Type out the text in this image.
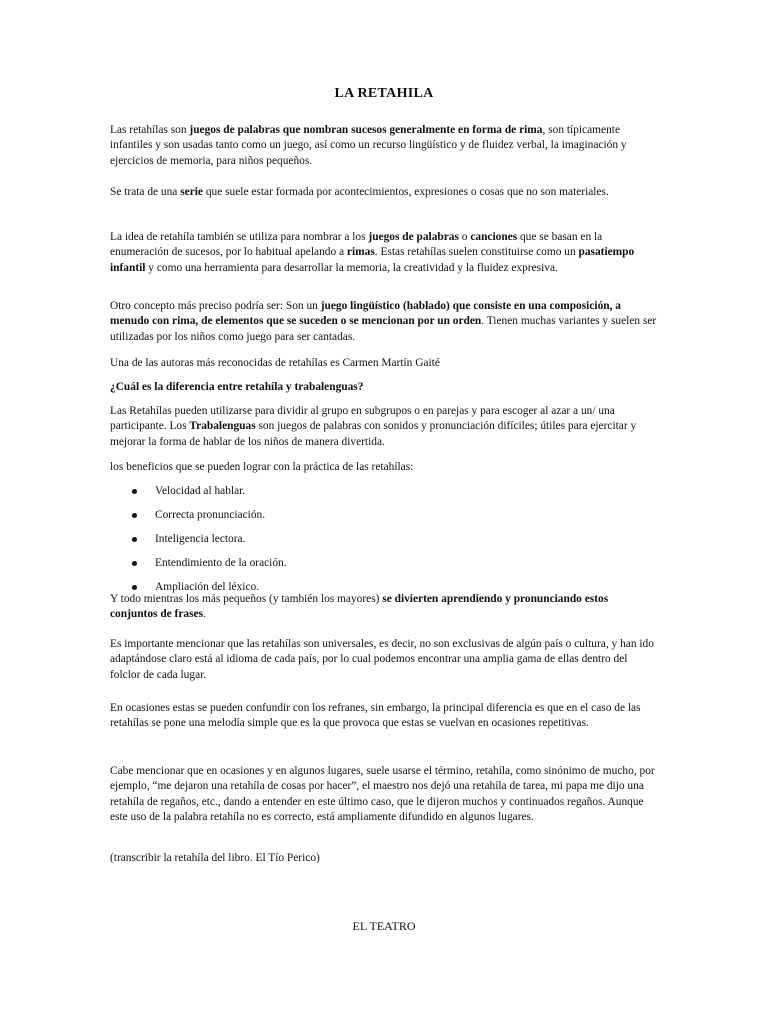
LA RETAHILA

Las retahílas son juegos de palabras que nombran sucesos generalmente en forma de rima, son típicamente infantiles y son usadas tanto como un juego, así como un recurso lingüístico y de fluidez verbal, la imaginación y ejercicios de memoria, para niños pequeños.

Se trata de una serie que suele estar formada por acontecimientos, expresiones o cosas que no son materiales.

La idea de retahíla también se utiliza para nombrar a los juegos de palabras o canciones que se basan en la enumeración de sucesos, por lo habitual apelando a rimas. Estas retahílas suelen constituirse como un pasatiempo infantil y como una herramienta para desarrollar la memoria, la creatividad y la fluidez expresiva.

Otro concepto más preciso podría ser: Son un juego lingüístico (hablado) que consiste en una composición, a menudo con rima, de elementos que se suceden o se mencionan por un orden. Tienen muchas variantes y suelen ser utilizadas por los niños como juego para ser cantadas.

Una de las autoras más reconocidas de retahílas es Carmen Martín Gaité

¿Cuál es la diferencia entre retahíla y trabalenguas?

Las Retahílas pueden utilizarse para dividir al grupo en subgrupos o en parejas y para escoger al azar a un/ una participante. Los Trabalenguas son juegos de palabras con sonidos y pronunciación difíciles; útiles para ejercitar y mejorar la forma de hablar de los niños de manera divertida.

los beneficios que se pueden lograr con la práctica de las retahílas:

Velocidad al hablar.
Correcta pronunciación.
Inteligencia lectora.
Entendimiento de la oración.
Ampliación del léxico.

Y todo mientras los más pequeños (y también los mayores) se divierten aprendiendo y pronunciando estos conjuntos de frases.

Es importante mencionar que las retahílas son universales, es decir, no son exclusivas de algún país o cultura, y han ido adaptándose claro está al idioma de cada país, por lo cual podemos encontrar una amplia gama de ellas dentro del folclor de cada lugar.

En ocasiones estas se pueden confundir con los refranes, sin embargo, la principal diferencia es que en el caso de las retahílas se pone una melodía simple que es la que provoca que estas se vuelvan en ocasiones repetitivas.

Cabe mencionar que en ocasiones y en algunos lugares, suele usarse el término, retahíla, como sinónimo de mucho, por ejemplo, “me dejaron una retahíla de cosas por hacer”, el maestro nos dejó una retahíla de tarea, mi papa me dijo una retahíla de regaños, etc., dando a entender en este último caso, que le dijeron muchos y continuados regaños. Aunque este uso de la palabra retahíla no es correcto, está ampliamente difundido en algunos lugares.

(transcribir la retahíla del libro. El Tío Perico)

EL TEATRO
